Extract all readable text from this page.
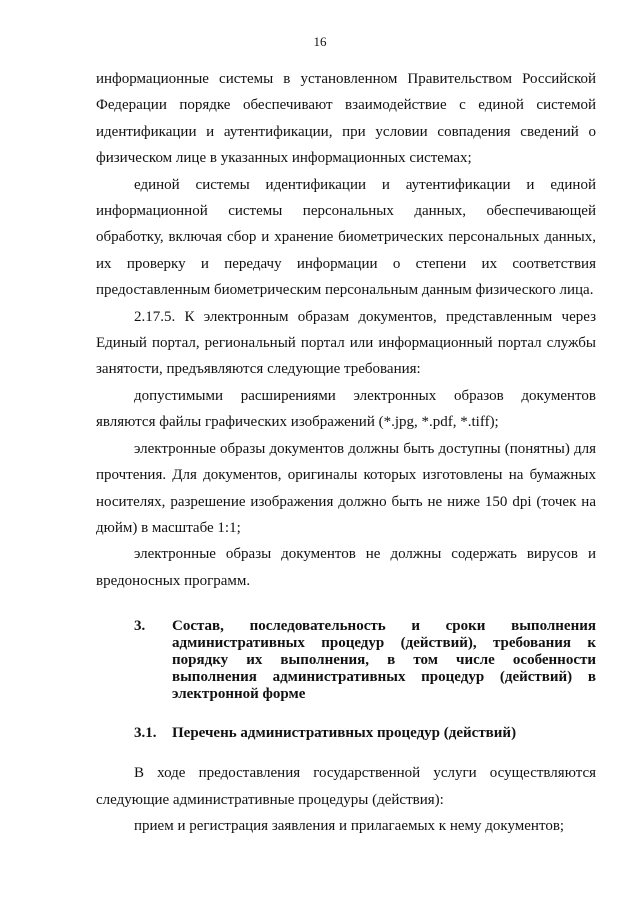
16

информационные системы в установленном Правительством Российской Федерации порядке обеспечивают взаимодействие с единой системой идентификации и аутентификации, при условии совпадения сведений о физическом лице в указанных информационных системах;

единой системы идентификации и аутентификации и единой информационной системы персональных данных, обеспечивающей обработку, включая сбор и хранение биометрических персональных данных, их проверку и передачу информации о степени их соответствия предоставленным биометрическим персональным данным физического лица.

2.17.5. К электронным образам документов, представленным через Единый портал, региональный портал или информационный портал службы занятости, предъявляются следующие требования:

допустимыми расширениями электронных образов документов являются файлы графических изображений (*.jpg, *.pdf, *.tiff);

электронные образы документов должны быть доступны (понятны) для прочтения. Для документов, оригиналы которых изготовлены на бумажных носителях, разрешение изображения должно быть не ниже 150 dpi (точек на дюйм) в масштабе 1:1;

электронные образы документов не должны содержать вирусов и вредоносных программ.

3.	Состав, последовательность и сроки выполнения административных процедур (действий), требования к порядку их выполнения, в том числе особенности выполнения административных процедур (действий) в электронной форме
3.1.	Перечень административных процедур (действий)

В ходе предоставления государственной услуги осуществляются следующие административные процедуры (действия):

прием и регистрация заявления и прилагаемых к нему документов;
